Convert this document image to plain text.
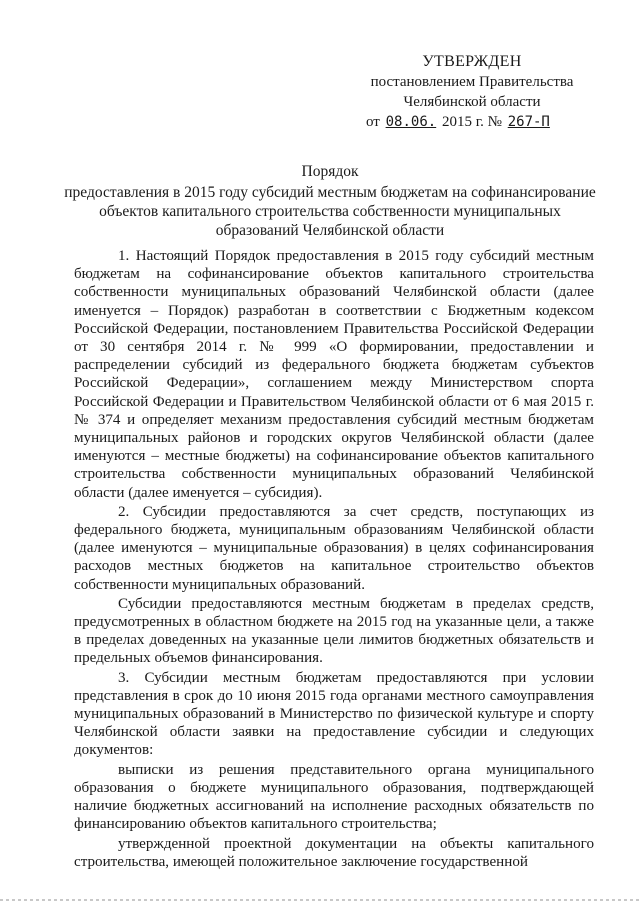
УТВЕРЖДЕН
постановлением Правительства
Челябинской области
от 08.06. 2015 г. № 267-П
Порядок
предоставления в 2015 году субсидий местным бюджетам на софинансирование объектов капитального строительства собственности муниципальных образований Челябинской области

1. Настоящий Порядок предоставления в 2015 году субсидий местным бюджетам на софинансирование объектов капитального строительства собственности муниципальных образований Челябинской области (далее именуется – Порядок) разработан в соответствии с Бюджетным кодексом Российской Федерации, постановлением Правительства Российской Федерации от 30 сентября 2014 г. № 999 «О формировании, предоставлении и распределении субсидий из федерального бюджета бюджетам субъектов Российской Федерации», соглашением между Министерством спорта Российской Федерации и Правительством Челябинской области от 6 мая 2015 г. № 374 и определяет механизм предоставления субсидий местным бюджетам муниципальных районов и городских округов Челябинской области (далее именуются – местные бюджеты) на софинансирование объектов капитального строительства собственности муниципальных образований Челябинской области (далее именуется – субсидия).

2. Субсидии предоставляются за счет средств, поступающих из федерального бюджета, муниципальным образованиям Челябинской области (далее именуются – муниципальные образования) в целях софинансирования расходов местных бюджетов на капитальное строительство объектов собственности муниципальных образований.

Субсидии предоставляются местным бюджетам в пределах средств, предусмотренных в областном бюджете на 2015 год на указанные цели, а также в пределах доведенных на указанные цели лимитов бюджетных обязательств и предельных объемов финансирования.

3. Субсидии местным бюджетам предоставляются при условии представления в срок до 10 июня 2015 года органами местного самоуправления муниципальных образований в Министерство по физической культуре и спорту Челябинской области заявки на предоставление субсидии и следующих документов:

выписки из решения представительного органа муниципального образования о бюджете муниципального образования, подтверждающей наличие бюджетных ассигнований на исполнение расходных обязательств по финансированию объектов капитального строительства;

утвержденной проектной документации на объекты капитального строительства, имеющей положительное заключение государственной
